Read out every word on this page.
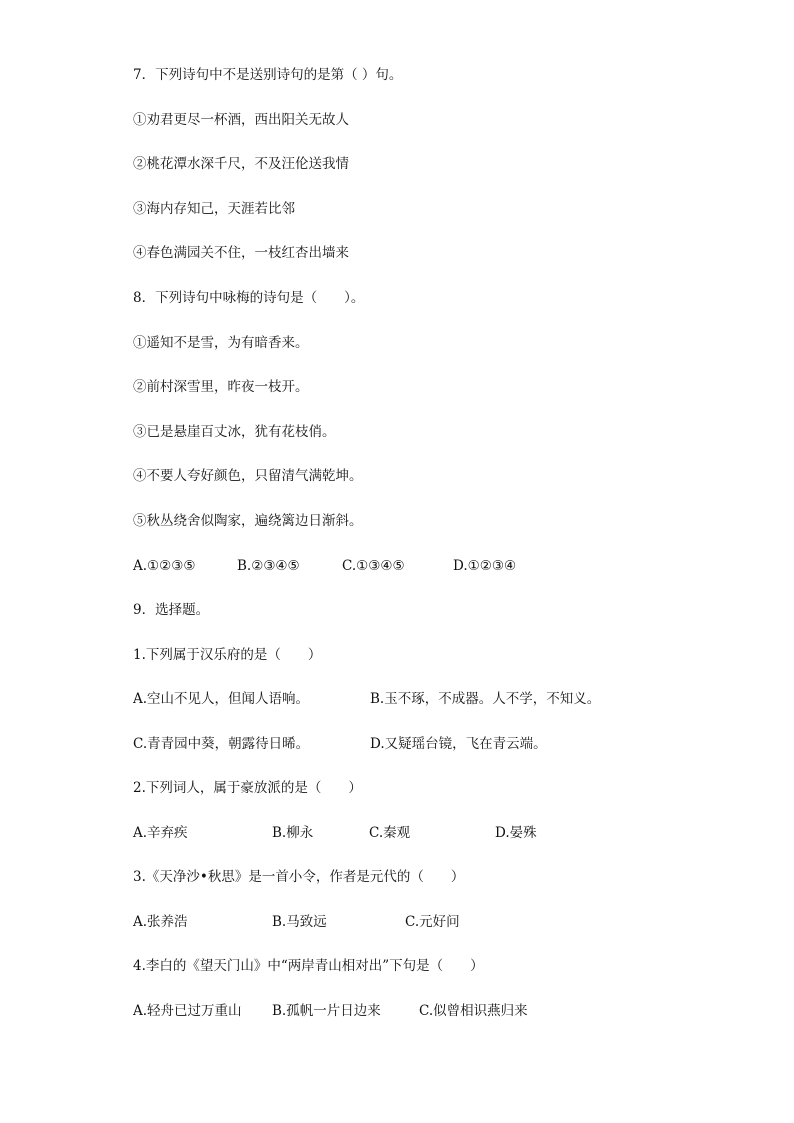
7．下列诗句中不是送别诗句的是第（ ）句。
①劝君更尽一杯酒，西出阳关无故人
②桃花潭水深千尺，不及汪伦送我情
③海内存知己，天涯若比邻
④春色满园关不住，一枝红杏出墙来
8．下列诗句中咏梅的诗句是（　　）。
①遥知不是雪，为有暗香来。
②前村深雪里，昨夜一枝开。
③已是悬崖百丈冰，犹有花枝俏。
④不要人夸好颜色，只留清气满乾坤。
⑤秋丛绕舍似陶家，遍绕篱边日渐斜。

A.①②③⑤

	B.②③④⑤

	C.①③④⑤

	D.①②③④

9．选择题。
1.下列属于汉乐府的是（　　）

A.空山不见人，但闻人语响。

	B.玉不琢，不成器。人不学，不知义。

C.青青园中葵，朝露待日晞。

	D.又疑瑶台镜，飞在青云端。

2.下列词人，属于豪放派的是（　　）

A.辛弃疾

	B.柳永

	C.秦观

	D.晏殊

3.《天净沙•秋思》是一首小令，作者是元代的（　　）

A.张养浩

	B.马致远

	C.元好问

4.李白的《望天门山》中“两岸青山相对出”下句是（　　）

A.轻舟已过万重山

B.孤帆一片日边来

	C.似曾相识燕归来
